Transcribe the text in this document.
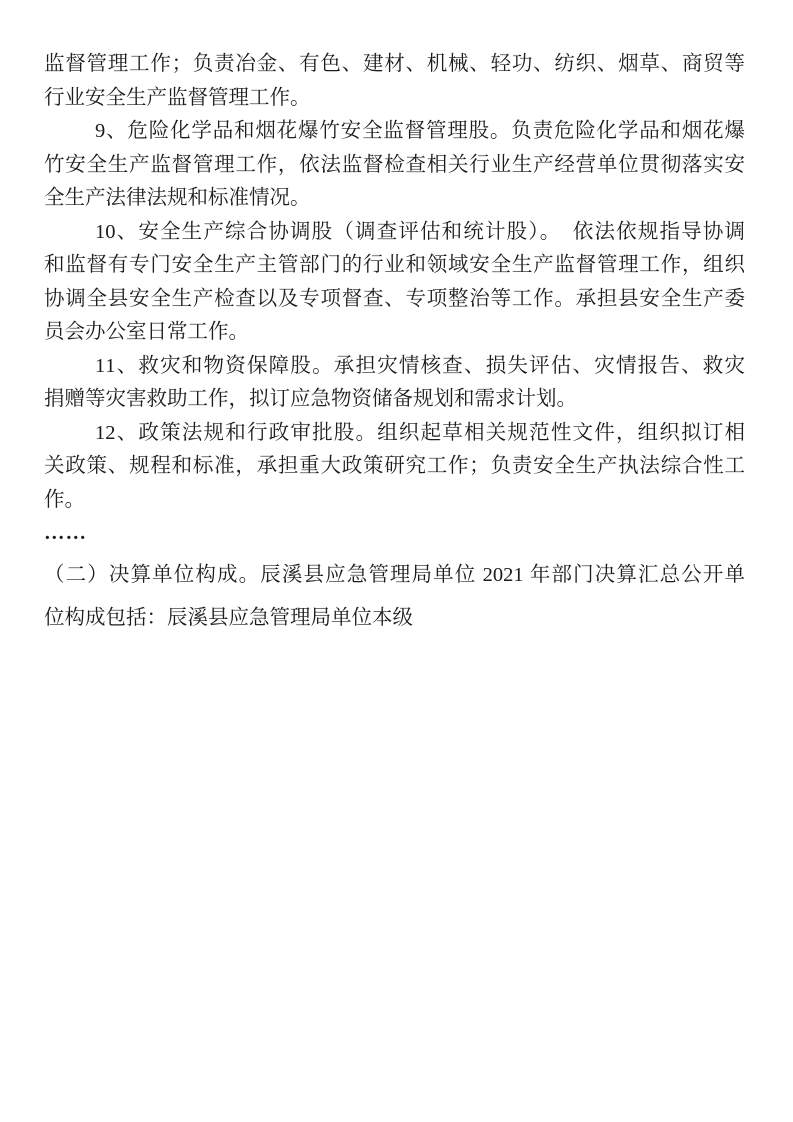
监督管理工作；负责冶金、有色、建材、机械、轻功、纺织、烟草、商贸等
行业安全生产监督管理工作。
9、危险化学品和烟花爆竹安全监督管理股。负责危险化学品和烟花爆
竹安全生产监督管理工作，依法监督检查相关行业生产经营单位贯彻落实安
全生产法律法规和标准情况。
10、安全生产综合协调股（调查评估和统计股）。　依法依规指导协调
和监督有专门安全生产主管部门的行业和领域安全生产监督管理工作，组织
协调全县安全生产检查以及专项督查、专项整治等工作。承担县安全生产委
员会办公室日常工作。
11、救灾和物资保障股。承担灾情核查、损失评估、灾情报告、救灾
捐赠等灾害救助工作，拟订应急物资储备规划和需求计划。
12、政策法规和行政审批股。组织起草相关规范性文件，组织拟订相
关政策、规程和标准，承担重大政策研究工作；负责安全生产执法综合性工
作。
……
（二）决算单位构成。辰溪县应急管理局单位 2021 年部门决算汇总公开单
位构成包括：辰溪县应急管理局单位本级
